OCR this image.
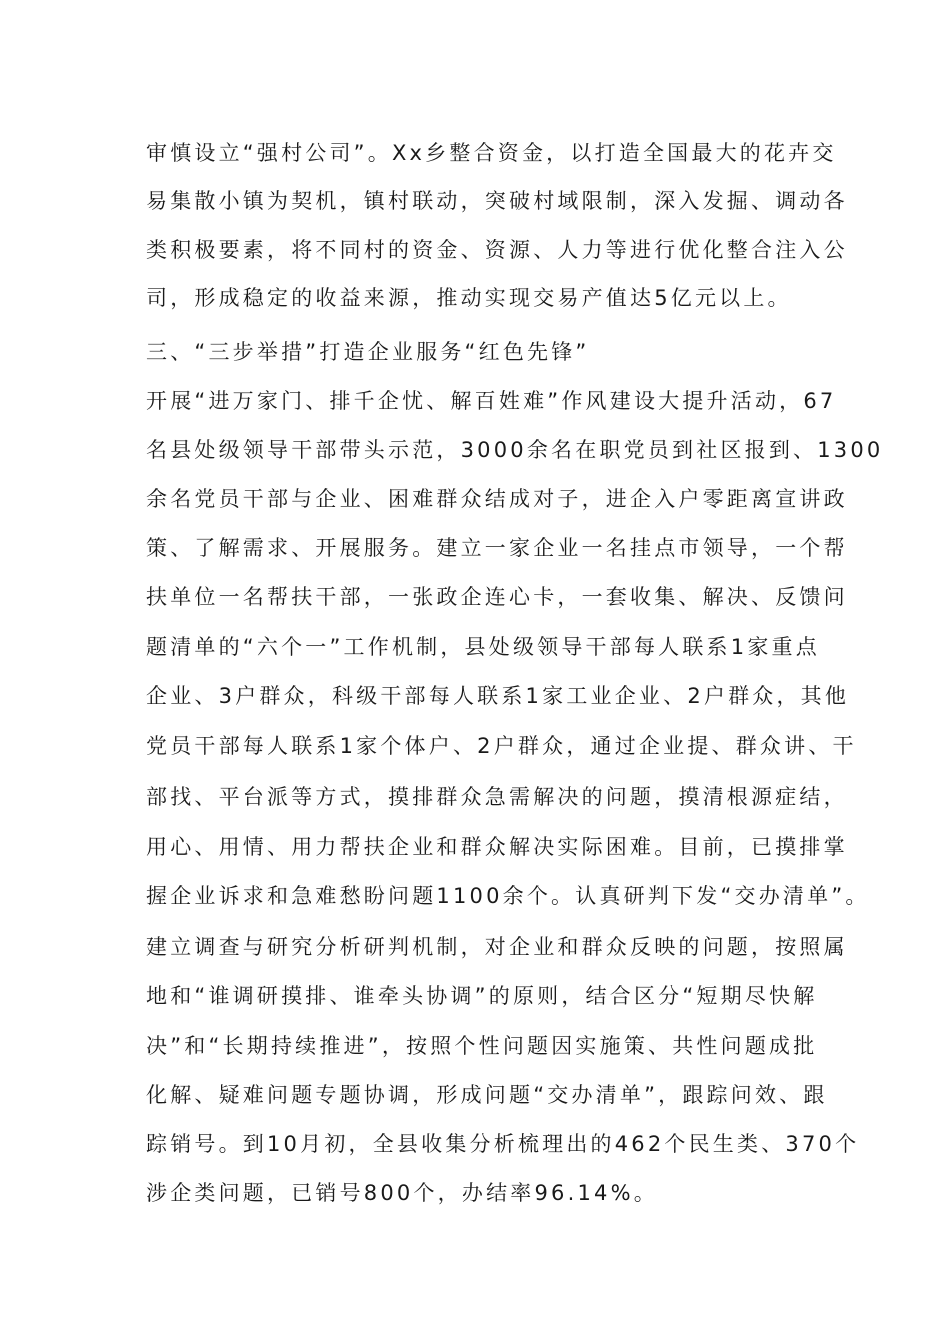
审慎设立“强村公司”。Xx乡整合资金，以打造全国最大的花卉交
易集散小镇为契机，镇村联动，突破村域限制，深入发掘、调动各
类积极要素，将不同村的资金、资源、人力等进行优化整合注入公
司，形成稳定的收益来源，推动实现交易产值达5亿元以上。
三、“三步举措”打造企业服务“红色先锋”
开展“进万家门、排千企忧、解百姓难”作风建设大提升活动，67
名县处级领导干部带头示范，3000余名在职党员到社区报到、1300
余名党员干部与企业、困难群众结成对子，进企入户零距离宣讲政
策、了解需求、开展服务。建立一家企业一名挂点市领导，一个帮
扶单位一名帮扶干部，一张政企连心卡，一套收集、解决、反馈问
题清单的“六个一”工作机制，县处级领导干部每人联系1家重点
企业、3户群众，科级干部每人联系1家工业企业、2户群众，其他
党员干部每人联系1家个体户、2户群众，通过企业提、群众讲、干
部找、平台派等方式，摸排群众急需解决的问题，摸清根源症结，
用心、用情、用力帮扶企业和群众解决实际困难。目前，已摸排掌
握企业诉求和急难愁盼问题1100余个。认真研判下发“交办清单”。
建立调查与研究分析研判机制，对企业和群众反映的问题，按照属
地和“谁调研摸排、谁牵头协调”的原则，结合区分“短期尽快解
决”和“长期持续推进”，按照个性问题因实施策、共性问题成批
化解、疑难问题专题协调，形成问题“交办清单”，跟踪问效、跟
踪销号。到10月初，全县收集分析梳理出的462个民生类、370个
涉企类问题，已销号800个，办结率96.14%。
